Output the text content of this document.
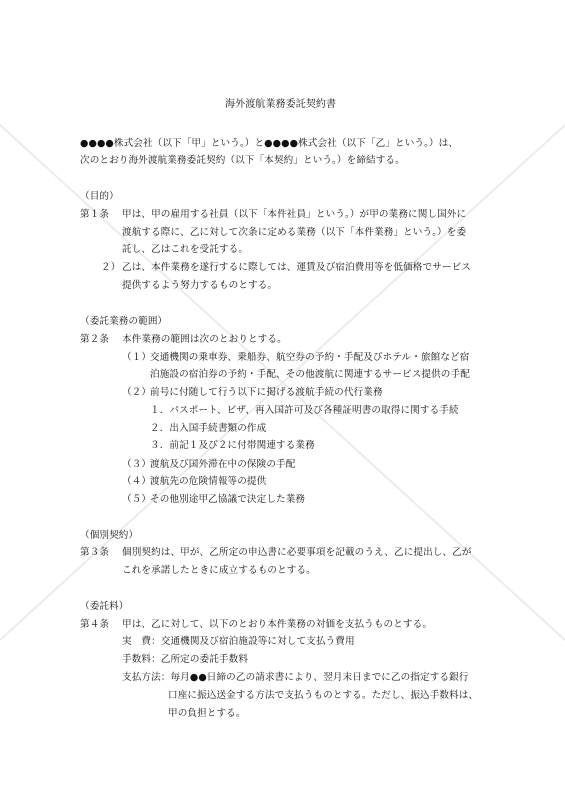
海外渡航業務委託契約書
●●●●株式会社（以下「甲」という。）と●●●●株式会社（以下「乙」という。）は、
次のとおり海外渡航業務委託契約（以下「本契約」という。）を締結する。
（目的）
第１条 甲は、甲の雇用する社員（以下「本件社員」という。）が甲の業務に関し国外に
渡航する際に、乙に対して次条に定める業務（以下「本件業務」という。）を委
託し、乙はこれを受託する。
２） 乙は、本件業務を遂行するに際しては、運賃及び宿泊費用等を低価格でサービス
提供するよう努力するものとする。
（委託業務の範囲）
第２条 本件業務の範囲は次のとおりとする。
（１）
交通機関の乗車券、乗船券、航空券の予約・手配及びホテル・旅館など宿
泊施設の宿泊券の予約・手配、その他渡航に関連するサービス提供の手配
（２）
前号に付随して行う以下に掲げる渡航手続の代行業務
１．パスポート、ビザ、再入国許可及び各種証明書の取得に関する手続
２．出入国手続書類の作成
３．前記１及び２に付帯関連する業務
（３）
渡航及び国外滞在中の保険の手配
（４）
渡航先の危険情報等の提供
（５）
その他別途甲乙協議で決定した業務
（個別契約）
第３条 個別契約は、甲が、乙所定の申込書に必要事項を記載のうえ、乙に提出し、乙が
これを承諾したときに成立するものとする。
（委託料）
第４条 甲は、乙に対して、以下のとおり本件業務の対価を支払うものとする。
実　費：交通機関及び宿泊施設等に対して支払う費用
手数料：乙所定の委託手数料
支払方法：毎月●●日締の乙の請求書により、翌月末日までに乙の指定する銀行
口座に振込送金する方法で支払うものとする。ただし、振込手数料は、
甲の負担とする。
